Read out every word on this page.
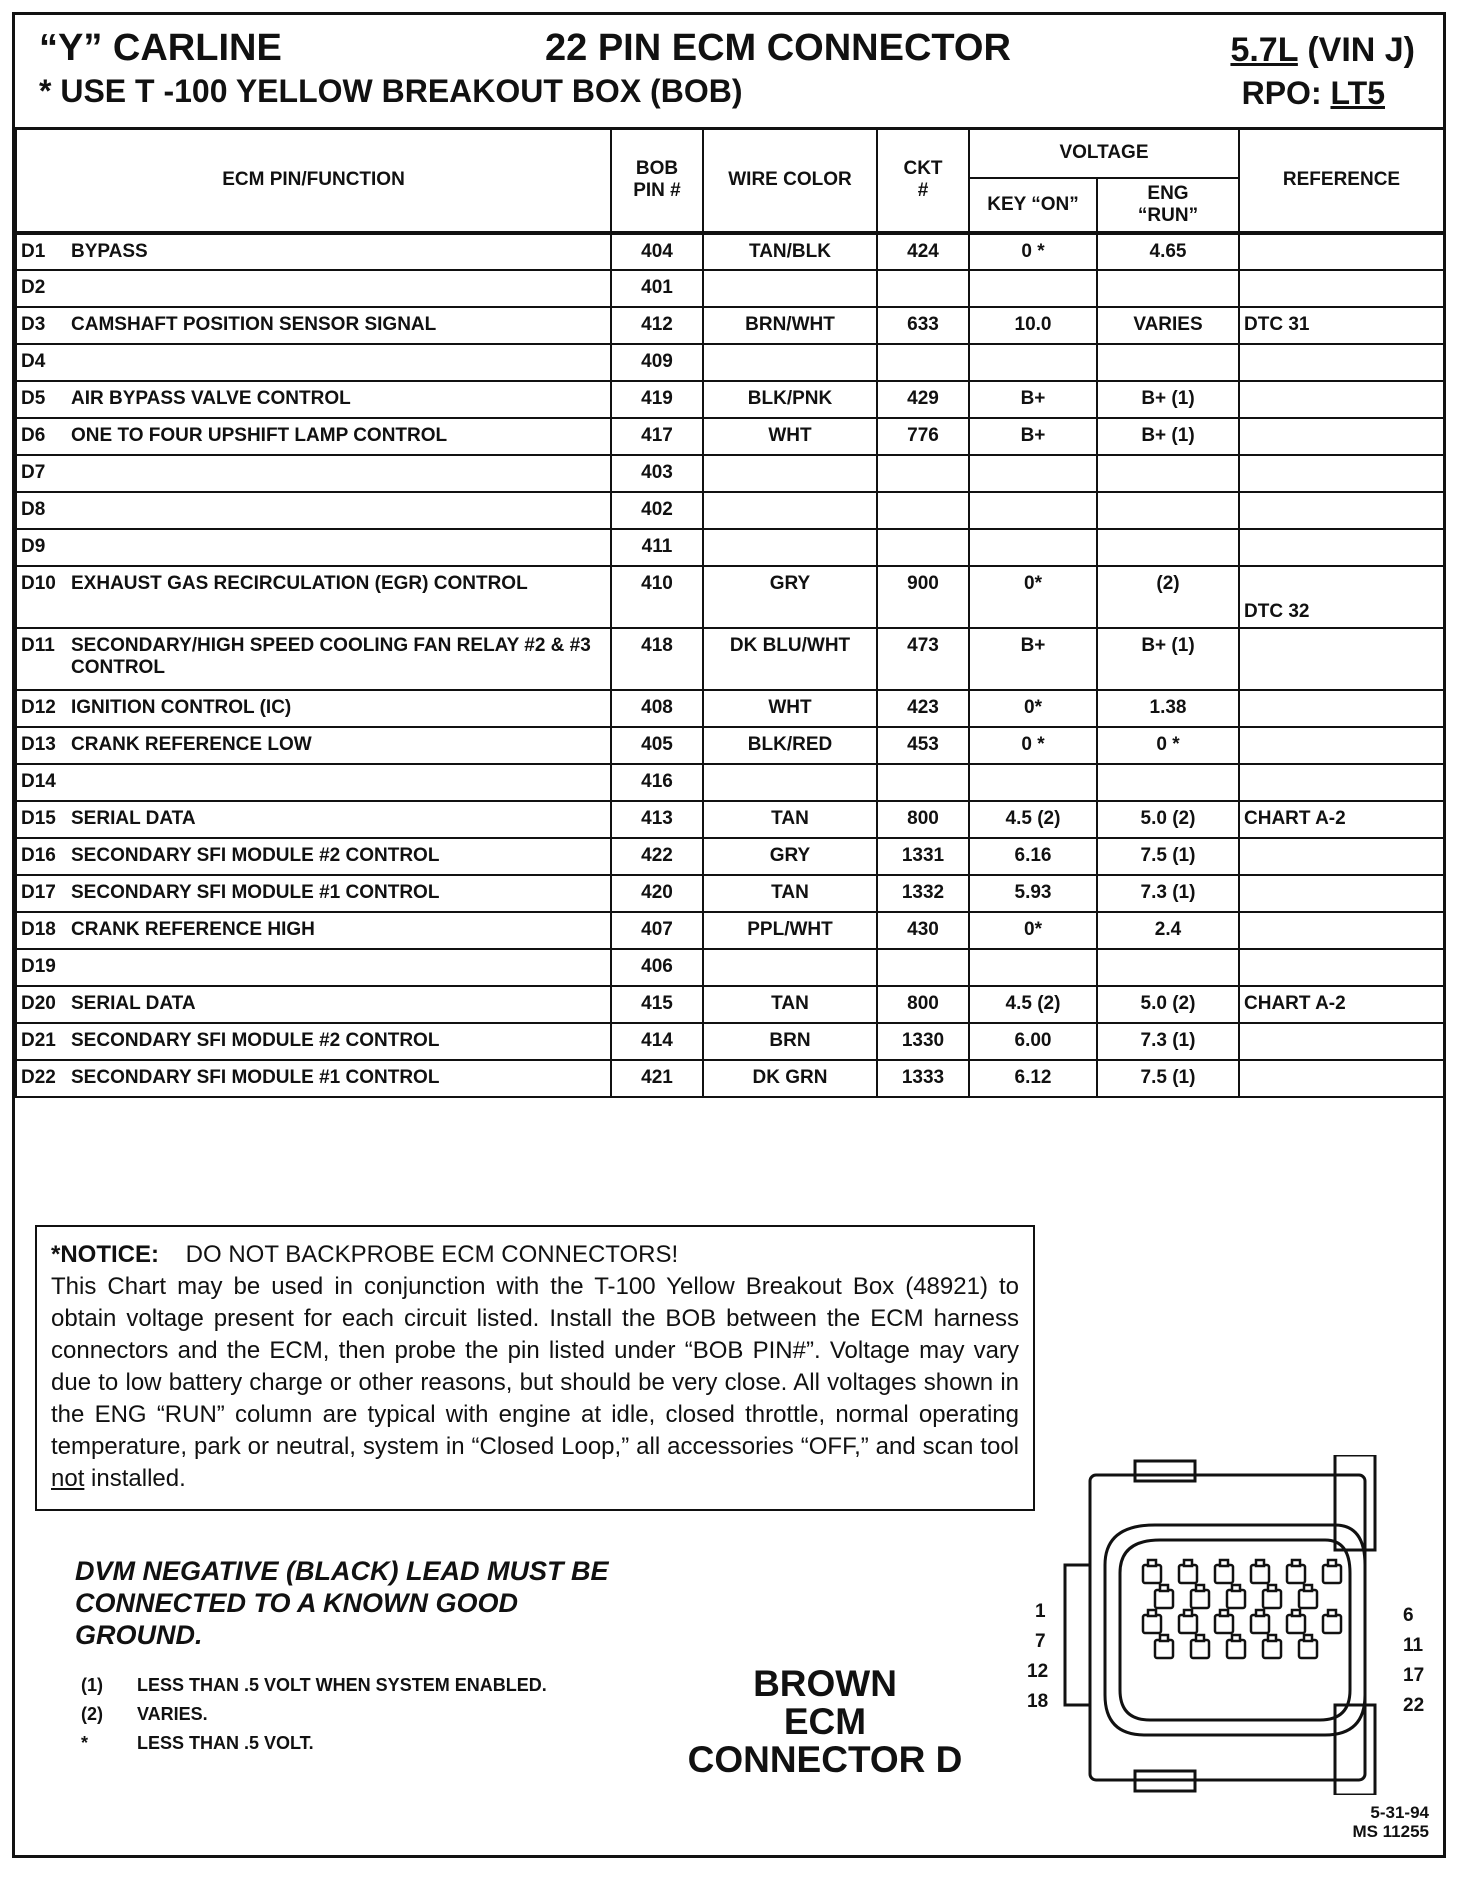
“Y” CARLINE	22 PIN ECM CONNECTOR	5.7L (VIN J)
* USE T -100 YELLOW BREAKOUT BOX (BOB)	RPO: LT5
ECM PIN/FUNCTION	BOB PIN #	WIRE COLOR	CKT #	VOLTAGE		REFERENCE
				KEY “ON”	ENG “RUN”	
D1 BYPASS	404	TAN/BLK	424	0 *	4.65	
D2	401					
D3 CAMSHAFT POSITION SENSOR SIGNAL	412	BRN/WHT	633	10.0	VARIES	DTC 31
D4	409					
D5 AIR BYPASS VALVE CONTROL	419	BLK/PNK	429	B+	B+ (1)	
D6 ONE TO FOUR UPSHIFT LAMP CONTROL	417	WHT	776	B+	B+ (1)	
D7	403					
D8	402					
D9	411					
D10 EXHAUST GAS RECIRCULATION (EGR) CONTROL	410	GRY	900	0*	(2)	DTC 32
D11 SECONDARY/HIGH SPEED COOLING FAN RELAY #2 & #3 CONTROL	418	DK BLU/WHT	473	B+	B+ (1)	
D12 IGNITION CONTROL (IC)	408	WHT	423	0*	1.38	
D13 CRANK REFERENCE LOW	405	BLK/RED	453	0 *	0 *	
D14	416					
D15 SERIAL DATA	413	TAN	800	4.5 (2)	5.0 (2)	CHART A-2
D16 SECONDARY SFI MODULE #2 CONTROL	422	GRY	1331	6.16	7.5 (1)	
D17 SECONDARY SFI MODULE #1 CONTROL	420	TAN	1332	5.93	7.3 (1)	
D18 CRANK REFERENCE HIGH	407	PPL/WHT	430	0*	2.4	
D19	406					
D20 SERIAL DATA	415	TAN	800	4.5 (2)	5.0 (2)	CHART A-2
D21 SECONDARY SFI MODULE #2 CONTROL	414	BRN	1330	6.00	7.3 (1)	
D22 SECONDARY SFI MODULE #1 CONTROL	421	DK GRN	1333	6.12	7.5 (1)	
*NOTICE: DO NOT BACKPROBE ECM CONNECTORS!
This Chart may be used in conjunction with the T-100 Yellow Breakout Box (48921) to obtain voltage present for each circuit listed. Install the BOB between the ECM harness connectors and the ECM, then probe the pin listed under “BOB PIN#”. Voltage may vary due to low battery charge or other reasons, but should be very close. All voltages shown in the ENG “RUN” column are typical with engine at idle, closed throttle, normal operating temperature, park or neutral, system in “Closed Loop,” all accessories “OFF,” and scan tool not installed.
DVM NEGATIVE (BLACK) LEAD MUST BE CONNECTED TO A KNOWN GOOD GROUND.
(1) LESS THAN .5 VOLT WHEN SYSTEM ENABLED.
(2) VARIES.
*	LESS THAN .5 VOLT.
BROWN
ECM
CONNECTOR D
1
7
12
18
6
11
17
22
5-31-94
MS 11255
